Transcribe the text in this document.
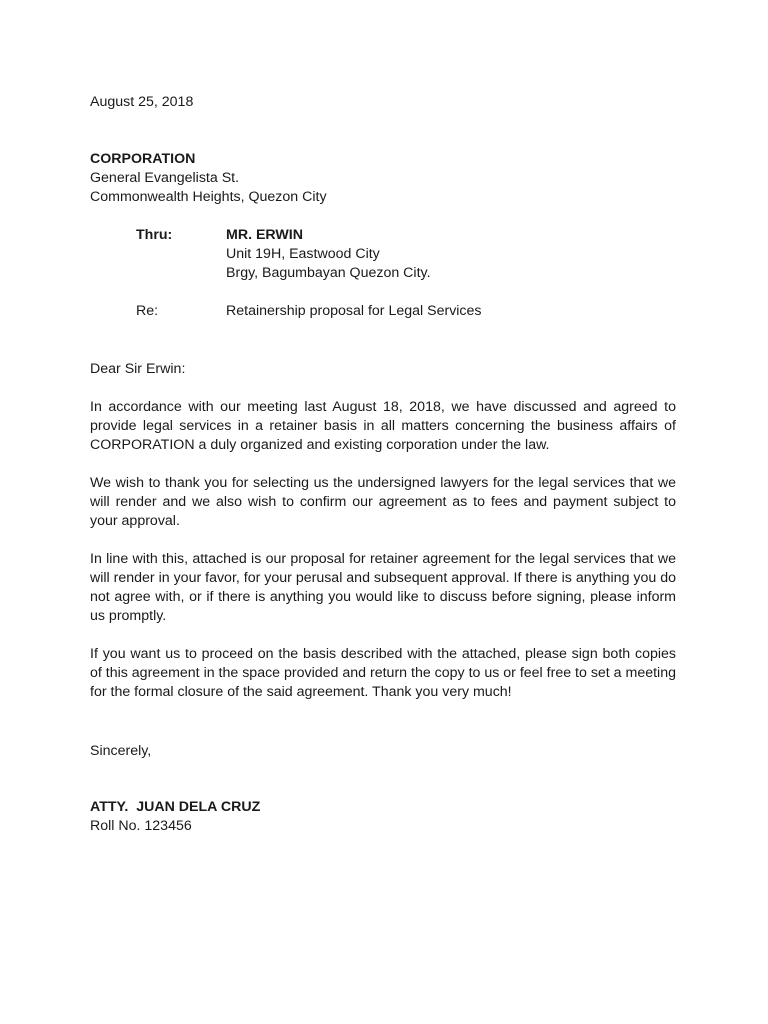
August 25, 2018
CORPORATION
General Evangelista St.
Commonwealth Heights, Quezon City
Thru:	MR. ERWIN
Unit 19H, Eastwood City
Brgy, Bagumbayan Quezon City.
Re:	Retainership proposal for Legal Services
Dear Sir Erwin:
In accordance with our meeting last August 18, 2018, we have discussed and agreed to provide legal services in a retainer basis in all matters concerning the business affairs of CORPORATION a duly organized and existing corporation under the law.
We wish to thank you for selecting us the undersigned lawyers for the legal services that we will render and we also wish to confirm our agreement as to fees and payment subject to your approval.
In line with this, attached is our proposal for retainer agreement for the legal services that we will render in your favor, for your perusal and subsequent approval. If there is anything you do not agree with, or if there is anything you would like to discuss before signing, please inform us promptly.
If you want us to proceed on the basis described with the attached, please sign both copies of this agreement in the space provided and return the copy to us or feel free to set a meeting for the formal closure of the said agreement. Thank you very much!
Sincerely,
ATTY.  JUAN DELA CRUZ
Roll No. 123456
